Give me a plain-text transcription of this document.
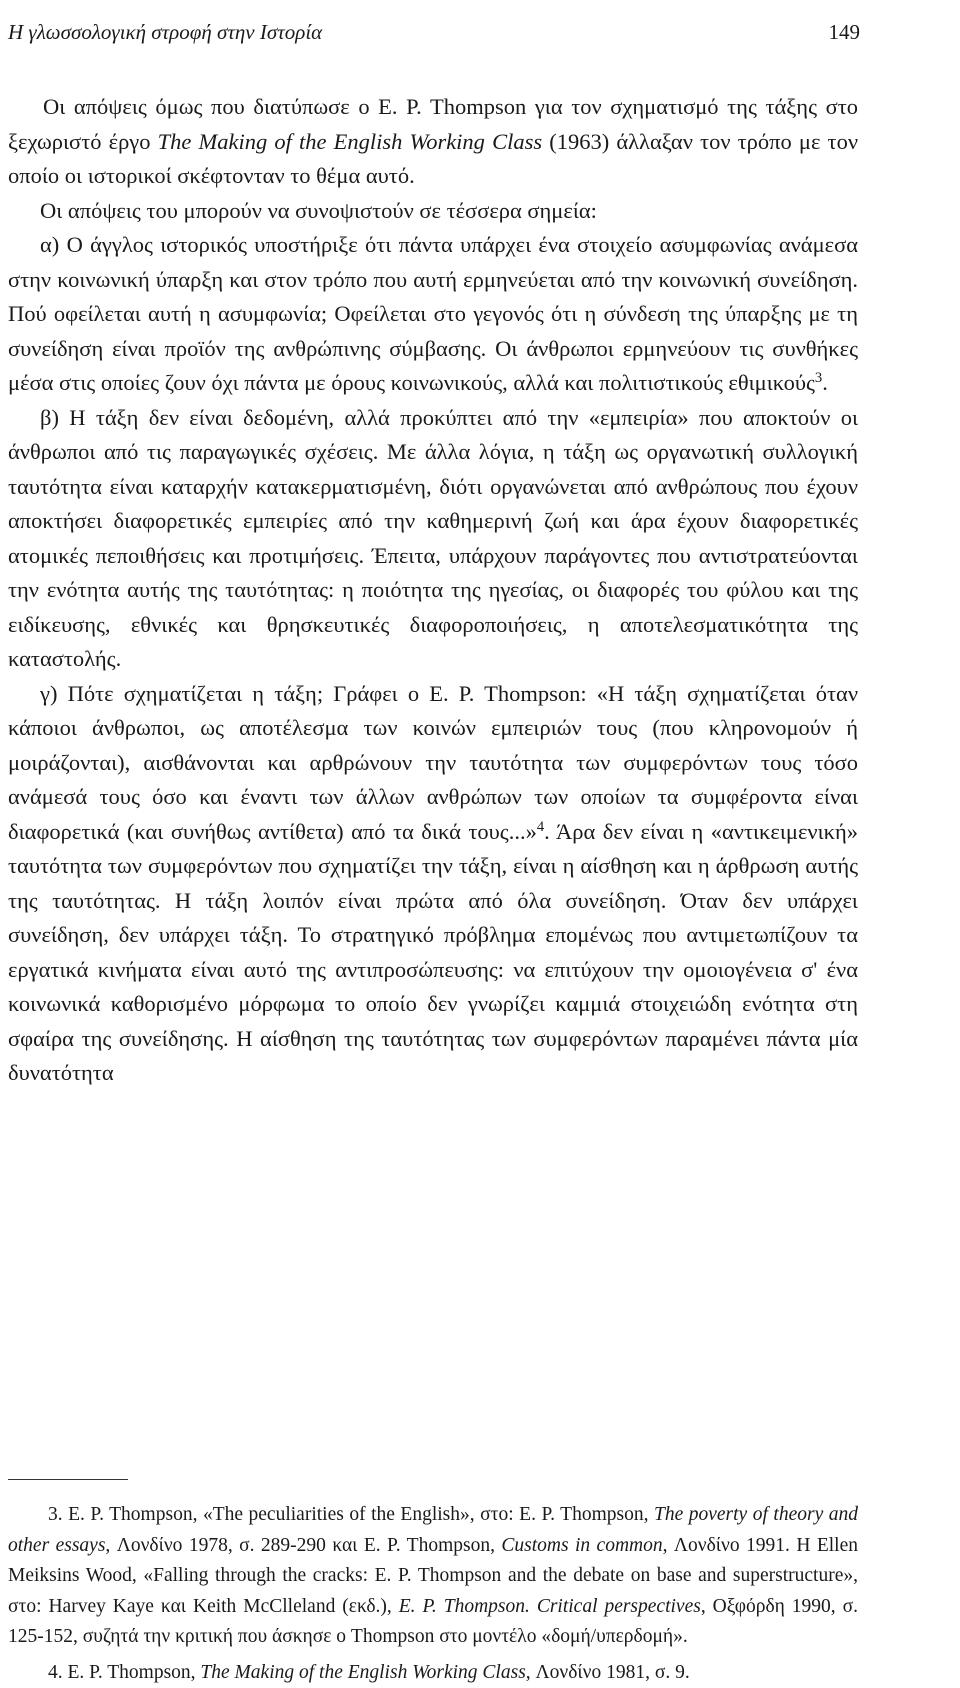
Η γλωσσολογική στροφή στην Ιστορία	149

Οι απόψεις όμως που διατύπωσε ο Ε. P. Thompson για τον σχηματισμό της τάξης στο ξεχωριστό έργο The Making of the English Working Class (1963) άλλαξαν τον τρόπο με τον οποίο οι ιστορικοί σκέφτονταν το θέμα αυτό.

Οι απόψεις του μπορούν να συνοψιστούν σε τέσσερα σημεία:

α) Ο άγγλος ιστορικός υποστήριξε ότι πάντα υπάρχει ένα στοιχείο ασυμφωνίας ανάμεσα στην κοινωνική ύπαρξη και στον τρόπο που αυτή ερμηνεύεται από την κοινωνική συνείδηση. Πού οφείλεται αυτή η ασυμφωνία; Οφείλεται στο γεγονός ότι η σύνδεση της ύπαρξης με τη συνείδηση είναι προϊόν της ανθρώπινης σύμβασης. Οι άνθρωποι ερμηνεύουν τις συνθήκες μέσα στις οποίες ζουν όχι πάντα με όρους κοινωνικούς, αλλά και πολιτιστικούς εθιμικούς$^3$.

β) Η τάξη δεν είναι δεδομένη, αλλά προκύπτει από την «εμπειρία» που αποκτούν οι άνθρωποι από τις παραγωγικές σχέσεις. Με άλλα λόγια, η τάξη ως οργανωτική συλλογική ταυτότητα είναι καταρχήν κατακερματισμένη, διότι οργανώνεται από ανθρώπους που έχουν αποκτήσει διαφορετικές εμπειρίες από την καθημερινή ζωή και άρα έχουν διαφορετικές ατομικές πεποιθήσεις και προτιμήσεις. Έπειτα, υπάρχουν παράγοντες που αντιστρατεύονται την ενότητα αυτής της ταυτότητας: η ποιότητα της ηγεσίας, οι διαφορές του φύλου και της ειδίκευσης, εθνικές και θρησκευτικές διαφοροποιήσεις, η αποτελεσματικότητα της καταστολής.

γ) Πότε σχηματίζεται η τάξη; Γράφει ο Ε. P. Thompson: «Η τάξη σχηματίζεται όταν κάποιοι άνθρωποι, ως αποτέλεσμα των κοινών εμπειριών τους (που κληρονομούν ή μοιράζονται), αισθάνονται και αρθρώνουν την ταυτότητα των συμφερόντων τους τόσο ανάμεσά τους όσο και έναντι των άλλων ανθρώπων των οποίων τα συμφέροντα είναι διαφορετικά (και συνήθως αντίθετα) από τα δικά τους...»$^4$. Άρα δεν είναι η «αντικειμενική» ταυτότητα των συμφερόντων που σχηματίζει την τάξη, είναι η αίσθηση και η άρθρωση αυτής της ταυτότητας. Η τάξη λοιπόν είναι πρώτα από όλα συνείδηση. Όταν δεν υπάρχει συνείδηση, δεν υπάρχει τάξη. Το στρατηγικό πρόβλημα επομένως που αντιμετωπίζουν τα εργατικά κινήματα είναι αυτό της αντιπροσώπευσης: να επιτύχουν την ομοιογένεια σ' ένα κοινωνικά καθορισμένο μόρφωμα το οποίο δεν γνωρίζει καμμιά στοιχειώδη ενότητα στη σφαίρα της συνείδησης. Η αίσθηση της ταυτότητας των συμφερόντων παραμένει πάντα μία δυνατότητα

3. E. P. Thompson, «The peculiarities of the English», στο: E. P. Thompson, The poverty of theory and other essays, Λονδίνο 1978, σ. 289-290 και E. P. Thompson, Customs in common, Λονδίνο 1991. Η Ellen Meiksins Wood, «Falling through the cracks: E. P. Thompson and the debate on base and superstructure», στο: Harvey Kaye και Keith McClleland (εκδ.), E. P. Thompson. Critical perspectives, Οξφόρδη 1990, σ. 125-152, συζητά την κριτική που άσκησε ο Thompson στο μοντέλο «δομή/υπερδομή».

4. E. P. Thompson, The Making of the English Working Class, Λονδίνο 1981, σ. 9.
